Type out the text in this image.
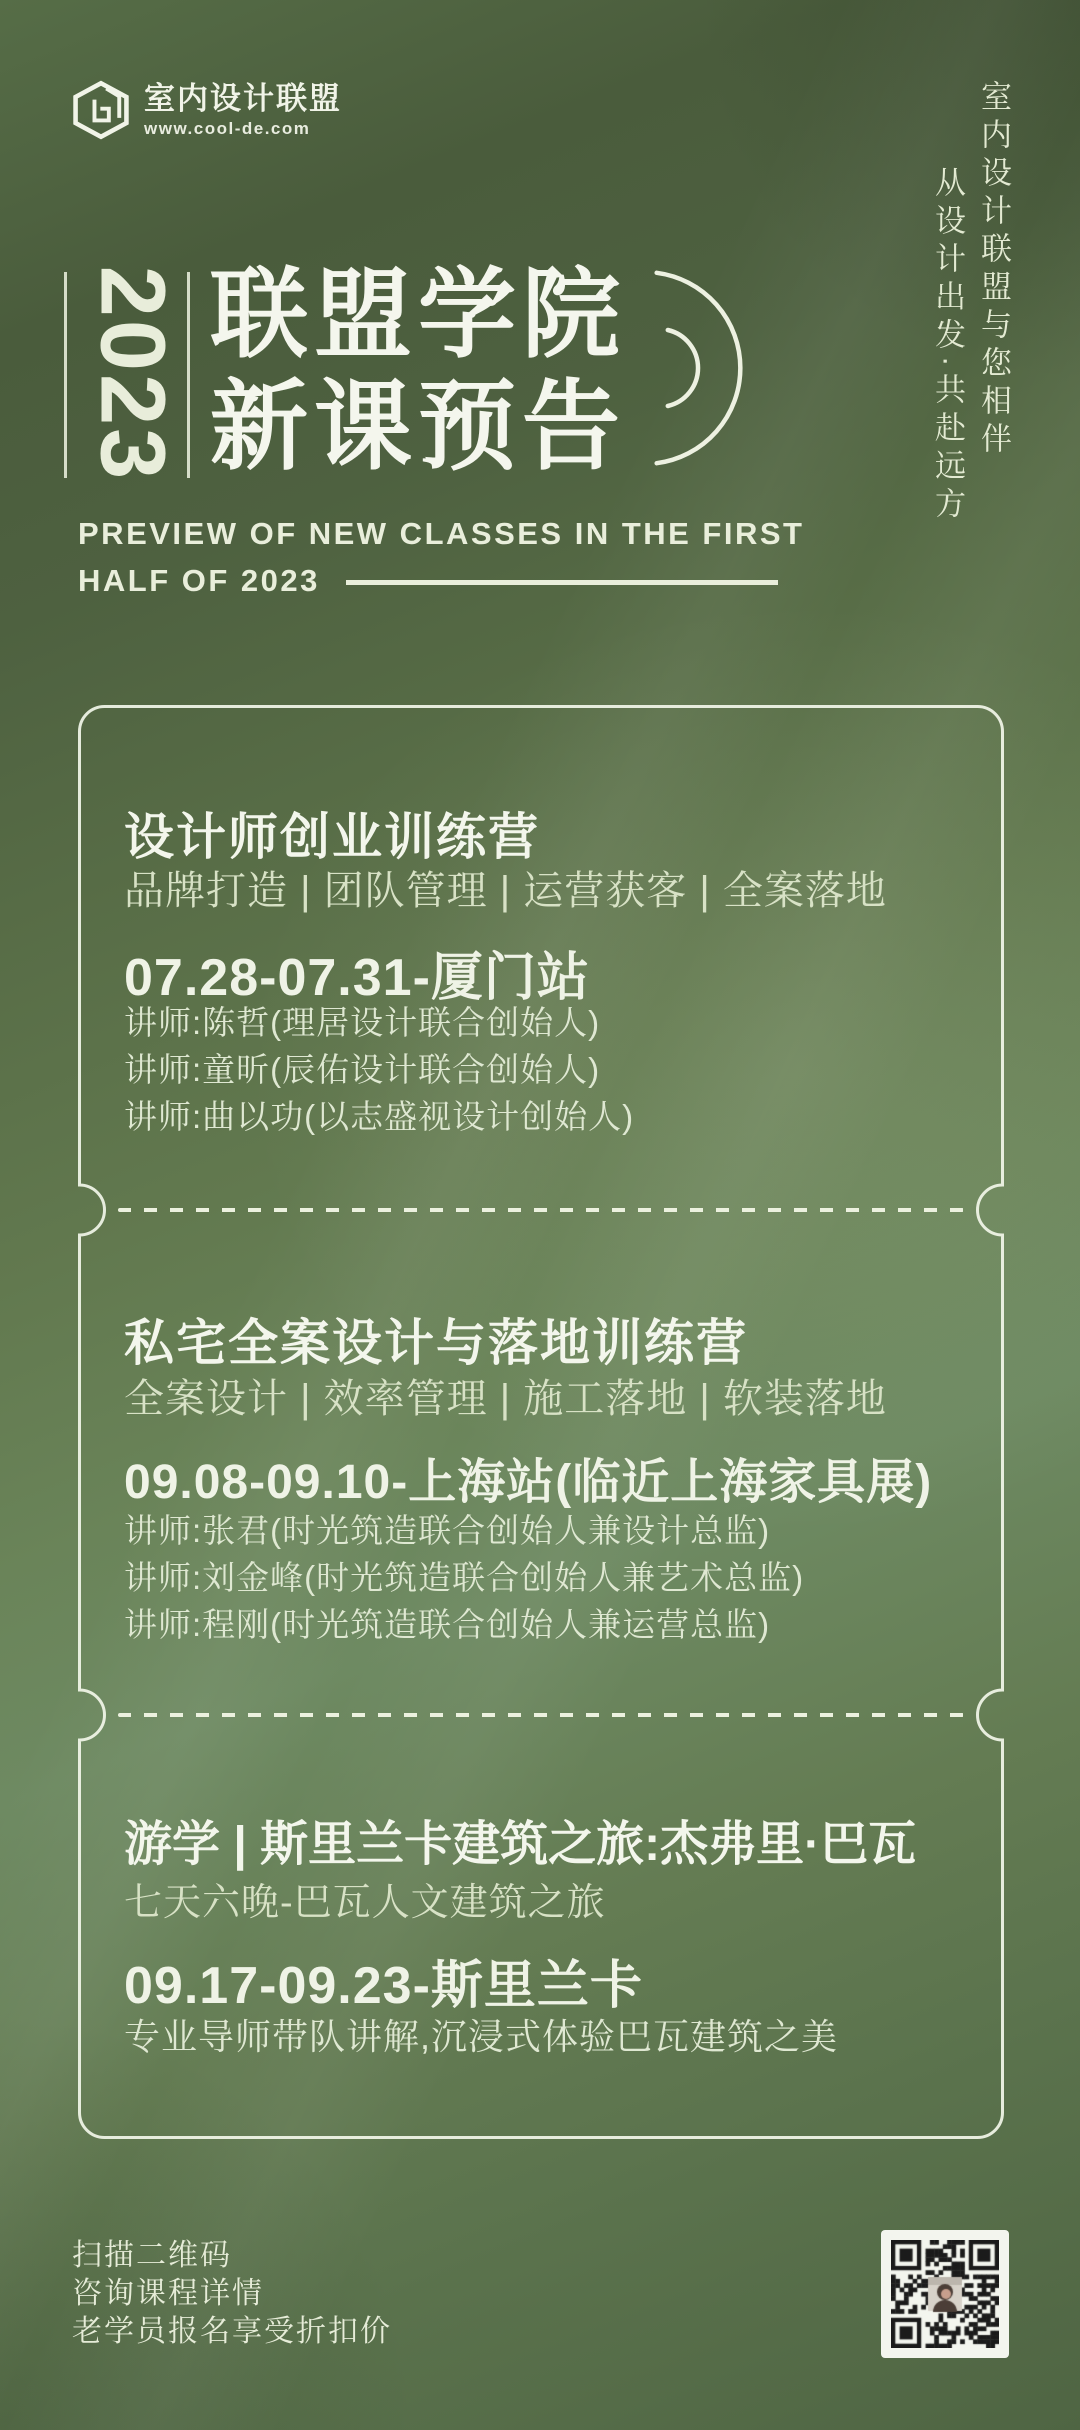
室内设计联盟
www.cool-de.com	室内设计联盟与您相伴
从设计出发·共赴远方
2023 联盟学院
新课预告
PREVIEW OF NEW CLASSES IN THE FIRST
HALF OF 2023
设计师创业训练营
品牌打造 | 团队管理 | 运营获客 | 全案落地
07.28-07.31-厦门站
讲师:陈哲(理居设计联合创始人)
讲师:童昕(辰佑设计联合创始人)
讲师:曲以功(以志盛视设计创始人)
私宅全案设计与落地训练营
全案设计 | 效率管理 | 施工落地 | 软装落地
09.08-09.10-上海站(临近上海家具展)
讲师:张君(时光筑造联合创始人兼设计总监)
讲师:刘金峰(时光筑造联合创始人兼艺术总监)
讲师:程刚(时光筑造联合创始人兼运营总监)
游学 | 斯里兰卡建筑之旅:杰弗里·巴瓦
七天六晚-巴瓦人文建筑之旅
09.17-09.23-斯里兰卡
专业导师带队讲解,沉浸式体验巴瓦建筑之美
扫描二维码
咨询课程详情
老学员报名享受折扣价
